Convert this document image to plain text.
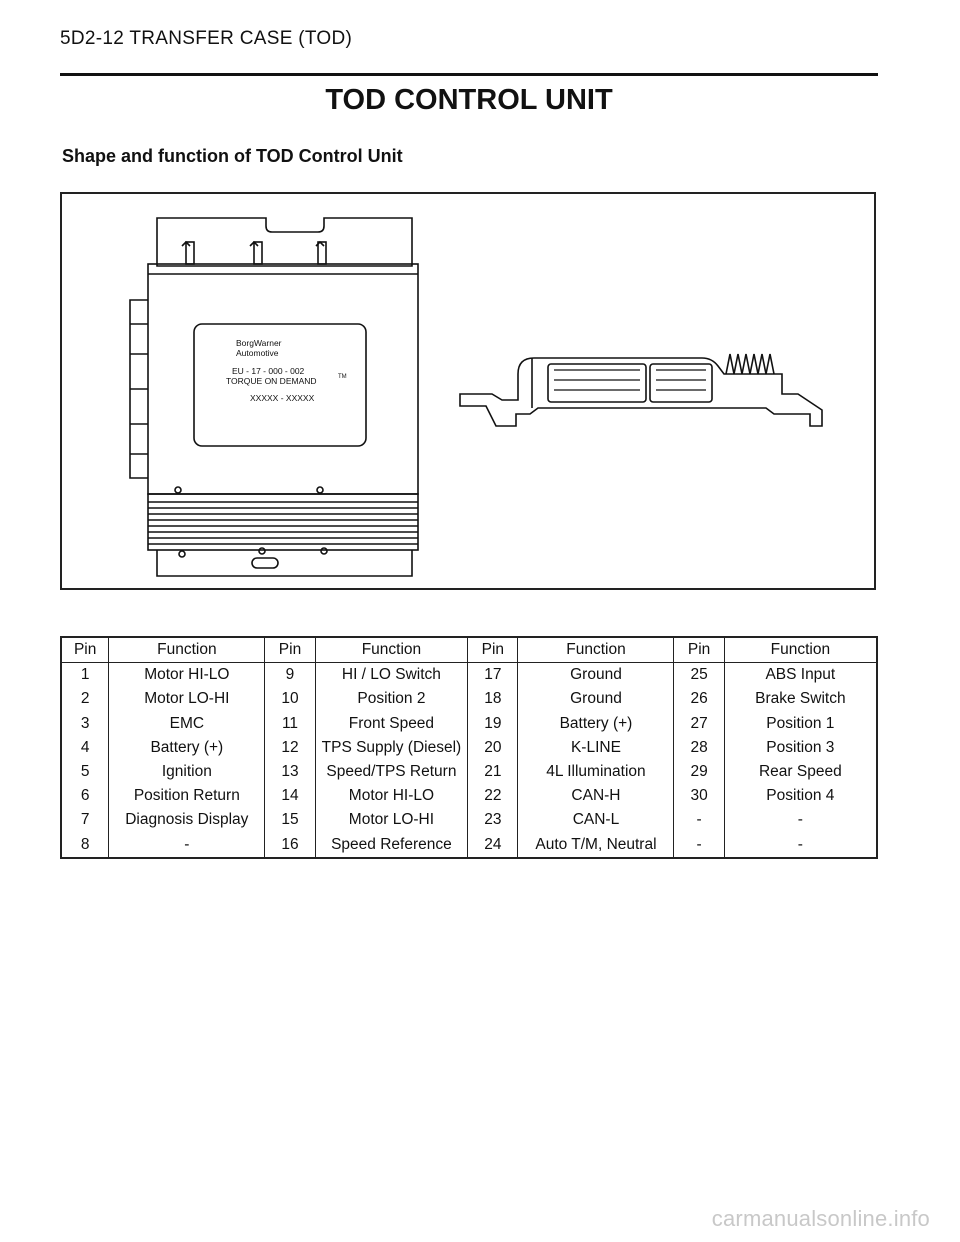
5D2-12 TRANSFER CASE (TOD)
TOD CONTROL UNIT
Shape and function of TOD Control Unit
BorgWarner
Automotive
EU - 17 - 000 - 002
TORQUE ON DEMAND
XXXXX - XXXXX
TM
Pin	Function	Pin	Function	Pin	Function	Pin	Function
1	Motor HI-LO	9	HI / LO Switch	17	Ground	25	ABS Input
2	Motor LO-HI	10	Position 2	18	Ground	26	Brake Switch
3	EMC	11	Front Speed	19	Battery (+)	27	Position 1
4	Battery (+)	12	TPS Supply (Diesel)	20	K-LINE	28	Position 3
5	Ignition	13	Speed/TPS Return	21	4L Illumination	29	Rear Speed
6	Position Return	14	Motor HI-LO	22	CAN-H	30	Position 4
7	Diagnosis Display	15	Motor LO-HI	23	CAN-L	-	-
8	-	16	Speed Reference	24	Auto T/M, Neutral	-	-
carmanualsonline.info
